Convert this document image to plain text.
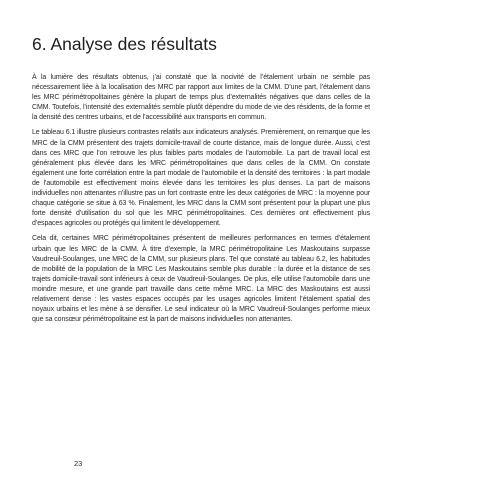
6. Analyse des résultats

À la lumière des résultats obtenus, j’ai constaté que la nocivité de l’étalement urbain ne semble pas nécessairement liée à la localisation des MRC par rapport aux limites de la CMM. D’une part, l’étalement dans les MRC périmétropolitaines génère la plupart de temps plus d’externalités négatives que dans celles de la CMM. Toutefois, l’intensité des externalités semble plutôt dépendre du mode de vie des résidents, de la forme et la densité des centres urbains, et de l’accessibilité aux transports en commun.

Le tableau 6.1 illustre plusieurs contrastes relatifs aux indicateurs analysés. Premièrement, on remarque que les MRC de la CMM présentent des trajets domicile-travail de courte distance, mais de longue durée. Aussi, c’est dans ces MRC que l’on retrouve les plus faibles parts modales de l’automobile. La part de travail local est généralement plus élevée dans les MRC périmétropolitaines que dans celles de la CMM. On constate également une forte corrélation entre la part modale de l’automobile et la densité des territoires : la part modale de l’automobile est effectivement moins élevée dans les territoires les plus denses. La part de maisons individuelles non attenantes n’illustre pas un fort contraste entre les deux catégories de MRC : la moyenne pour chaque catégorie se situe à 63 %. Finalement, les MRC dans la CMM sont présentent pour la plupart une plus forte densité d’utilisation du sol que les MRC périmétropolitaines. Ces dernières ont effectivement plus d’espaces agricoles ou protégés qui limitent le développement.

Cela dit, certaines MRC périmétropolitaines présentent de meilleures performances en termes d’étalement urbain que les MRC de la CMM. À titre d’exemple, la MRC périmétropolitaine Les Maskoutains surpasse Vaudreuil-Soulanges, une MRC de la CMM, sur plusieurs plans. Tel que constaté au tableau 6.2, les habitudes de mobilité de la population de la MRC Les Maskoutains semble plus durable : la durée et la distance de ses trajets domicile-travail sont inférieurs à ceux de Vaudreuil-Soulanges. De plus, elle utilise l’automobile dans une moindre mesure, et une grande part travaille dans cette même MRC. La MRC des Maskoutains est aussi relativement dense : les vastes espaces occupés par les usages agricoles limitent l’étalement spatial des noyaux urbains et les mène à se densifier. Le seul indicateur où la MRC Vaudreuil-Soulanges performe mieux que sa consœur périmétropolitaine est la part de maisons individuelles non attenantes.

23
